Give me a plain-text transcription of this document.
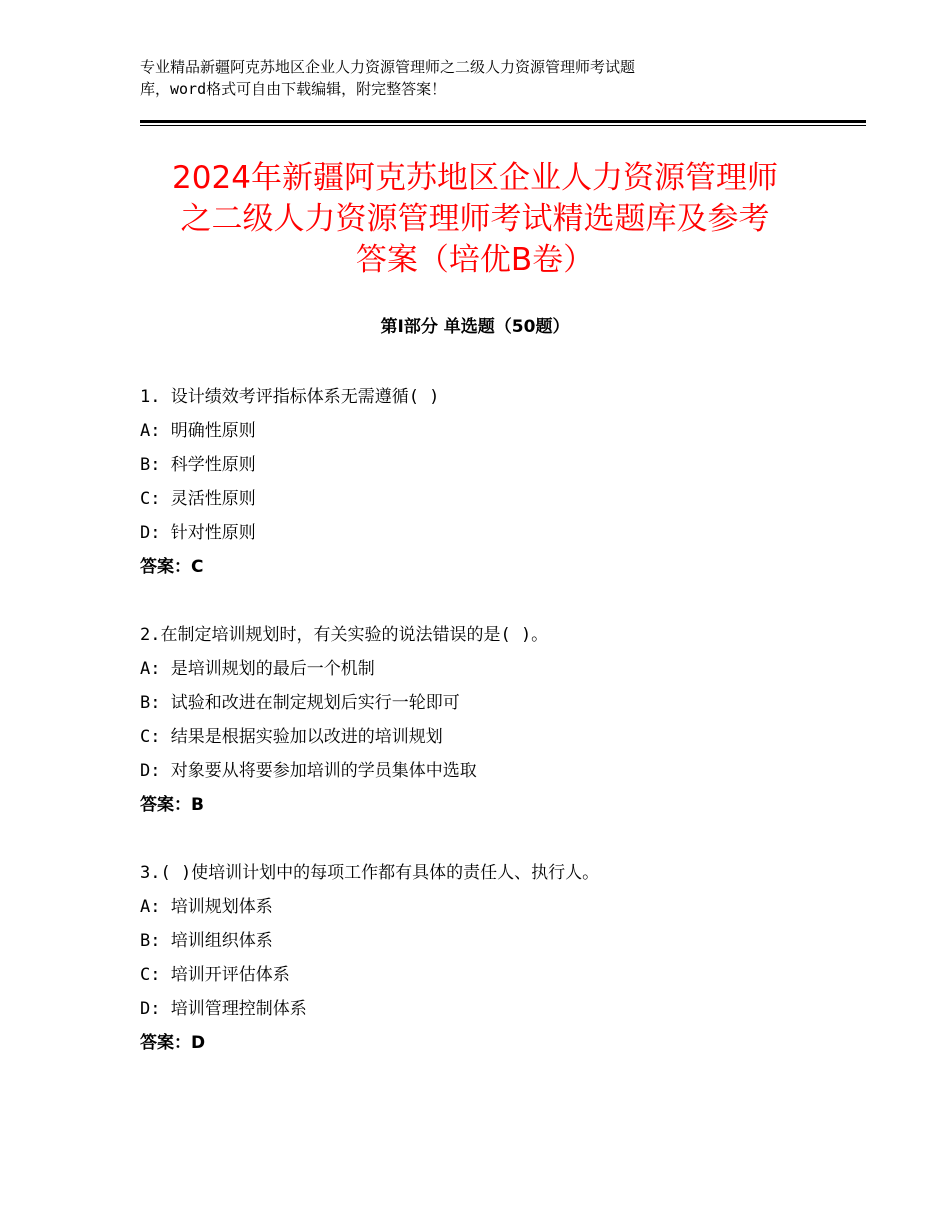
专业精品新疆阿克苏地区企业人力资源管理师之二级人力资源管理师考试题
库，word格式可自由下载编辑，附完整答案！
2024年新疆阿克苏地区企业人力资源管理师
之二级人力资源管理师考试精选题库及参考
答案（培优B卷）
第Ⅰ部分 单选题（50题）
1. 设计绩效考评指标体系无需遵循( )
A: 明确性原则
B: 科学性原则
C: 灵活性原则
D: 针对性原则
答案：C
2.在制定培训规划时，有关实验的说法错误的是( )。
A: 是培训规划的最后一个机制
B: 试验和改进在制定规划后实行一轮即可
C: 结果是根据实验加以改进的培训规划
D: 对象要从将要参加培训的学员集体中选取
答案：B
3.( )使培训计划中的每项工作都有具体的责任人、执行人。
A: 培训规划体系
B: 培训组织体系
C: 培训开评估体系
D: 培训管理控制体系
答案：D
